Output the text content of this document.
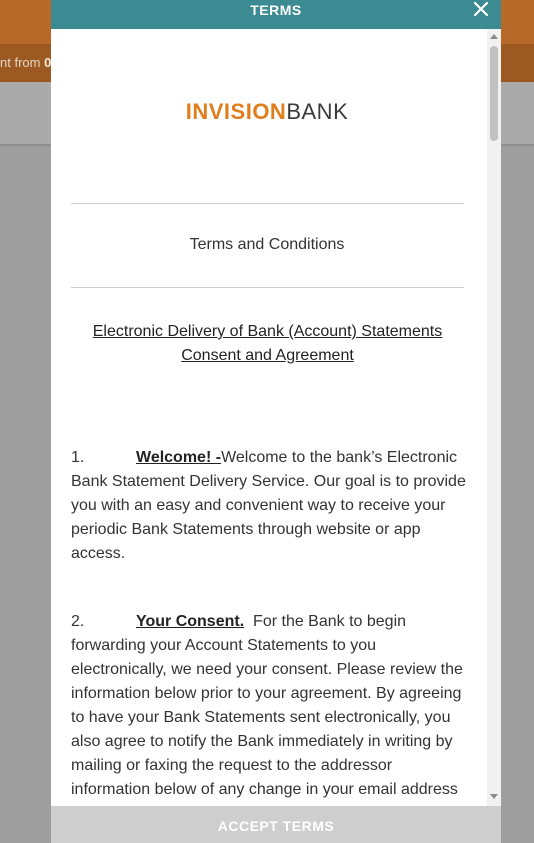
nt from 0
TERMS
INVISIONBANK
Terms and Conditions
Electronic Delivery of Bank (Account) Statements Consent and Agreement
1.	Welcome! -Welcome to the bank’s Electronic Bank Statement Delivery Service. Our goal is to provide you with an easy and convenient way to receive your periodic Bank Statements through website or app access.
2.	Your Consent.  For the Bank to begin forwarding your Account Statements to you electronically, we need your consent. Please review the information below prior to your agreement. By agreeing to have your Bank Statements sent electronically, you also agree to notify the Bank immediately in writing by mailing or faxing the request to the addressor information below of any change in your email address
ACCEPT TERMS
